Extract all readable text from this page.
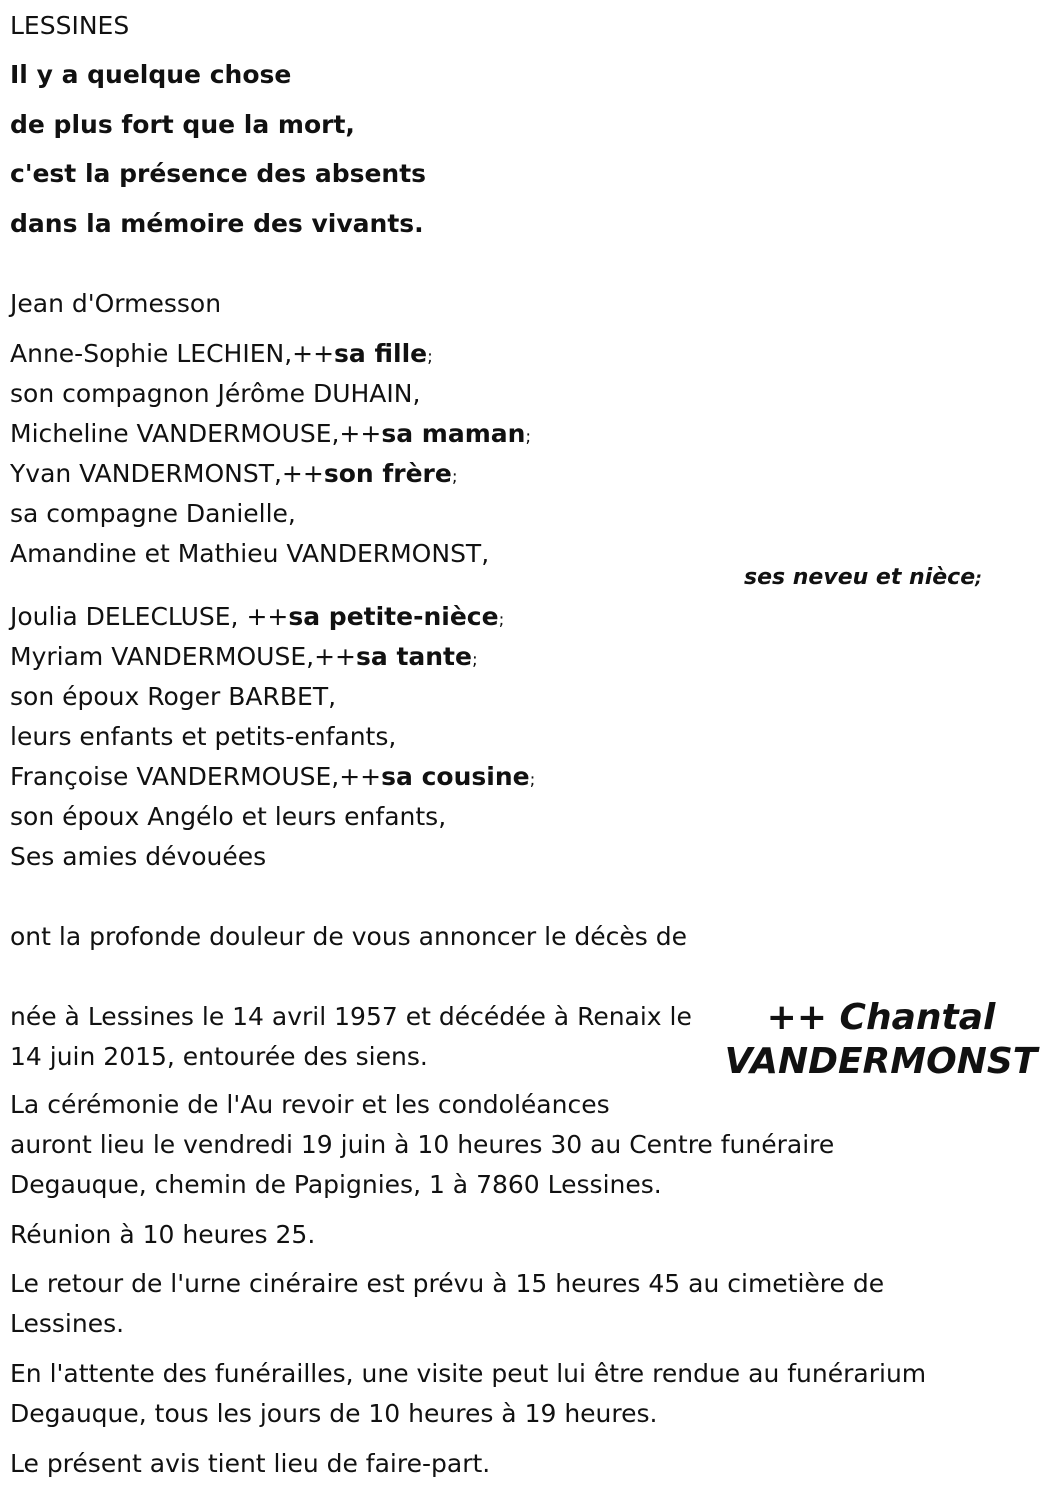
LESSINES
Il y a quelque chose
de plus fort que la mort,
c'est la présence des absents
dans la mémoire des vivants.
Jean d'Ormesson
Anne-Sophie LECHIEN,++sa fille;
son compagnon Jérôme DUHAIN,
Micheline VANDERMOUSE,++sa maman;
Yvan VANDERMONST,++son frère;
sa compagne Danielle,
Amandine et Mathieu VANDERMONST,
ses neveu et nièce;
Joulia DELECLUSE, ++sa petite-nièce;
Myriam VANDERMOUSE,++sa tante;
son époux Roger BARBET,
leurs enfants et petits-enfants,
Françoise VANDERMOUSE,++sa cousine;
son époux Angélo et leurs enfants,
Ses amies dévouées
ont la profonde douleur de vous annoncer le décès de
née à Lessines le 14 avril 1957 et décédée à Renaix le
14 juin 2015, entourée des siens.
++ Chantal
VANDERMONST
La cérémonie de l'Au revoir et les condoléances
auront lieu le vendredi 19 juin à 10 heures 30 au Centre funéraire
Degauque, chemin de Papignies, 1 à 7860 Lessines.
Réunion à 10 heures 25.
Le retour de l'urne cinéraire est prévu à 15 heures 45 au cimetière de
Lessines.
En l'attente des funérailles, une visite peut lui être rendue au funérarium
Degauque, tous les jours de 10 heures à 19 heures.
Le présent avis tient lieu de faire-part.
